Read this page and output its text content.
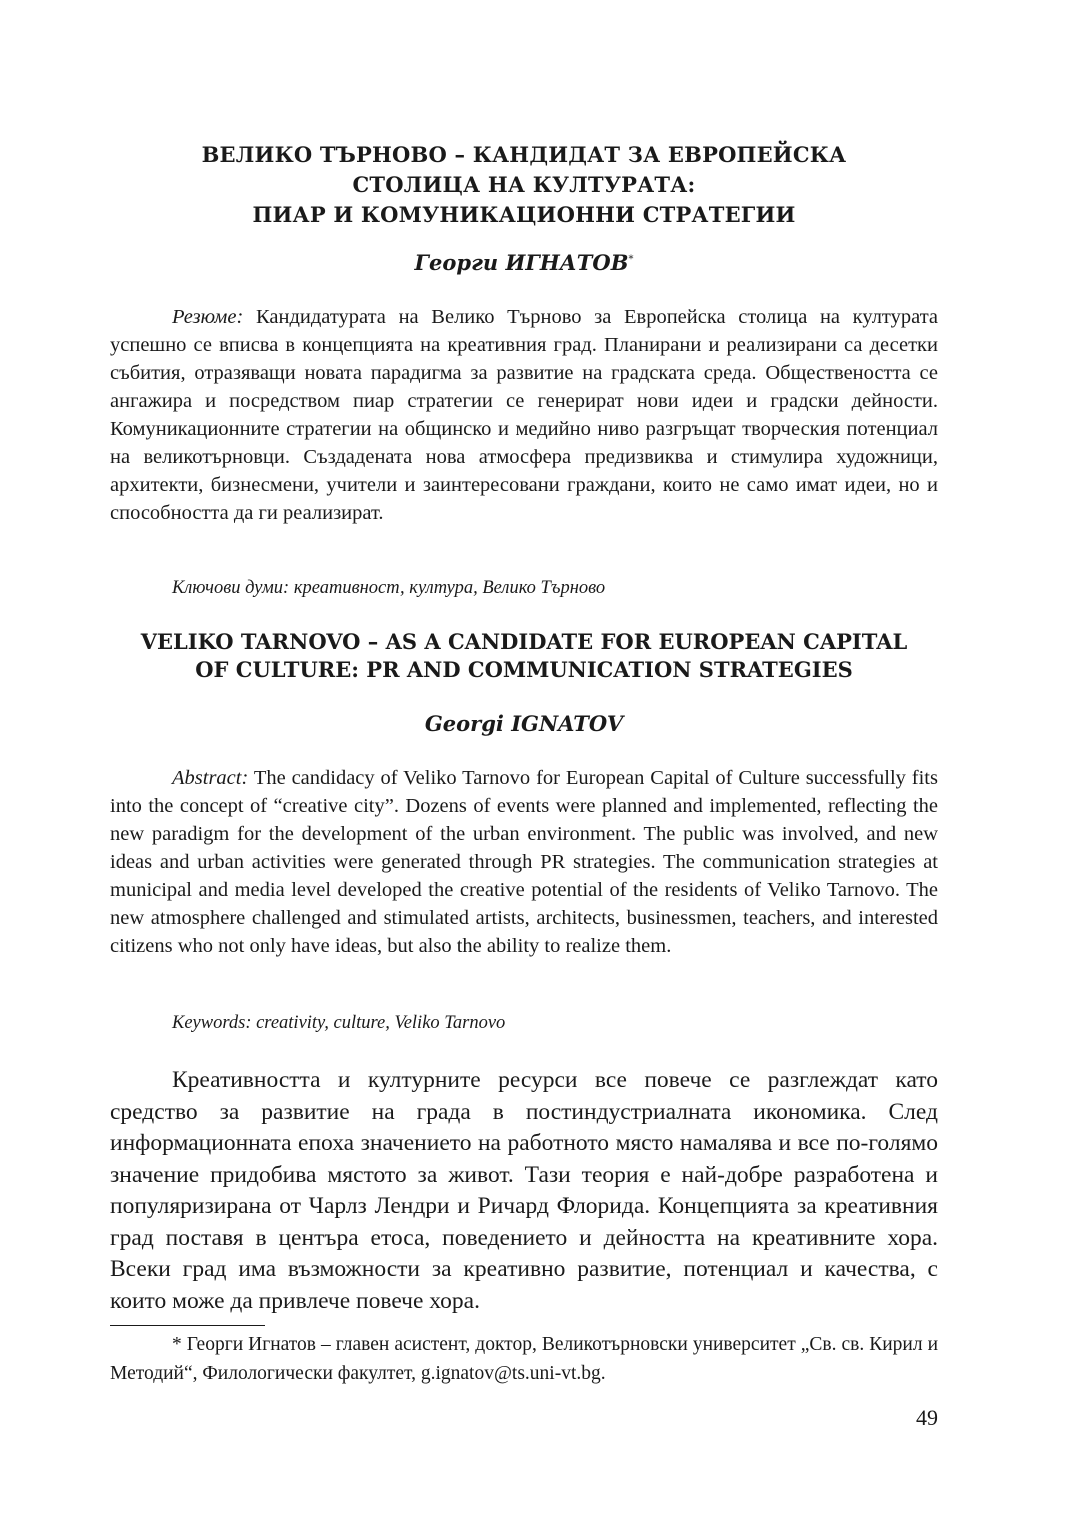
ВЕЛИКО ТЪРНОВО – КАНДИДАТ ЗА ЕВРОПЕЙСКА
СТОЛИЦА НА КУЛТУРАТА:
ПИАР И КОМУНИКАЦИОННИ СТРАТЕГИИ
Георги ИГНАТОВ*

Резюме: Кандидатурата на Велико Търново за Европейска столица на културата успешно се вписва в концепцията на креативния град. Планирани и реализирани са десетки събития, отразяващи новата парадигма за развитие на градската среда. Обществеността се ангажира и посредством пиар стратегии се генерират нови идеи и градски дейности. Комуникационните стратегии на общинско и медийно ниво разгръщат творческия потенциал на великотърновци. Създадената нова атмосфера предизвиква и стимулира художници, архитекти, бизнесмени, учители и заинтересовани граждани, които не само имат идеи, но и способността да ги реализират.

Ключови думи: креативност, култура, Велико Търново

VELIKO TARNOVO – AS A CANDIDATE FOR EUROPEAN CAPITAL
OF CULTURE: PR AND COMMUNICATION STRATEGIES
Georgi IGNATOV

Abstract: The candidacy of Veliko Tarnovo for European Capital of Culture successfully fits into the concept of “creative city”. Dozens of events were planned and implemented, reflecting the new paradigm for the development of the urban environment. The public was involved, and new ideas and urban activities were generated through PR strategies. The communication strategies at municipal and media level developed the creative potential of the residents of Veliko Tarnovo. The new atmosphere challenged and stimulated artists, architects, businessmen, teachers, and interested citizens who not only have ideas, but also the ability to realize them.

Keywords: creativity, culture, Veliko Tarnovo

Креативността и културните ресурси все повече се разглеждат като средство за развитие на града в постиндустриалната икономика. След информационната епоха значението на работното място намалява и все по-голямо значение придобива мястото за живот. Тази теория е най-добре разработена и популяризирана от Чарлз Лендри и Ричард Флорида. Концепцията за креативния град поставя в центъра етоса, поведението и дейността на креативните хора. Всеки град има възможности за креативно развитие, потенциал и качества, с които може да привлече повече хора.

* Георги Игнатов – главен асистент, доктор, Великотърновски университет „Св. св. Кирил и Методий“, Филологически факултет, g.ignatov@ts.uni-vt.bg.

49
